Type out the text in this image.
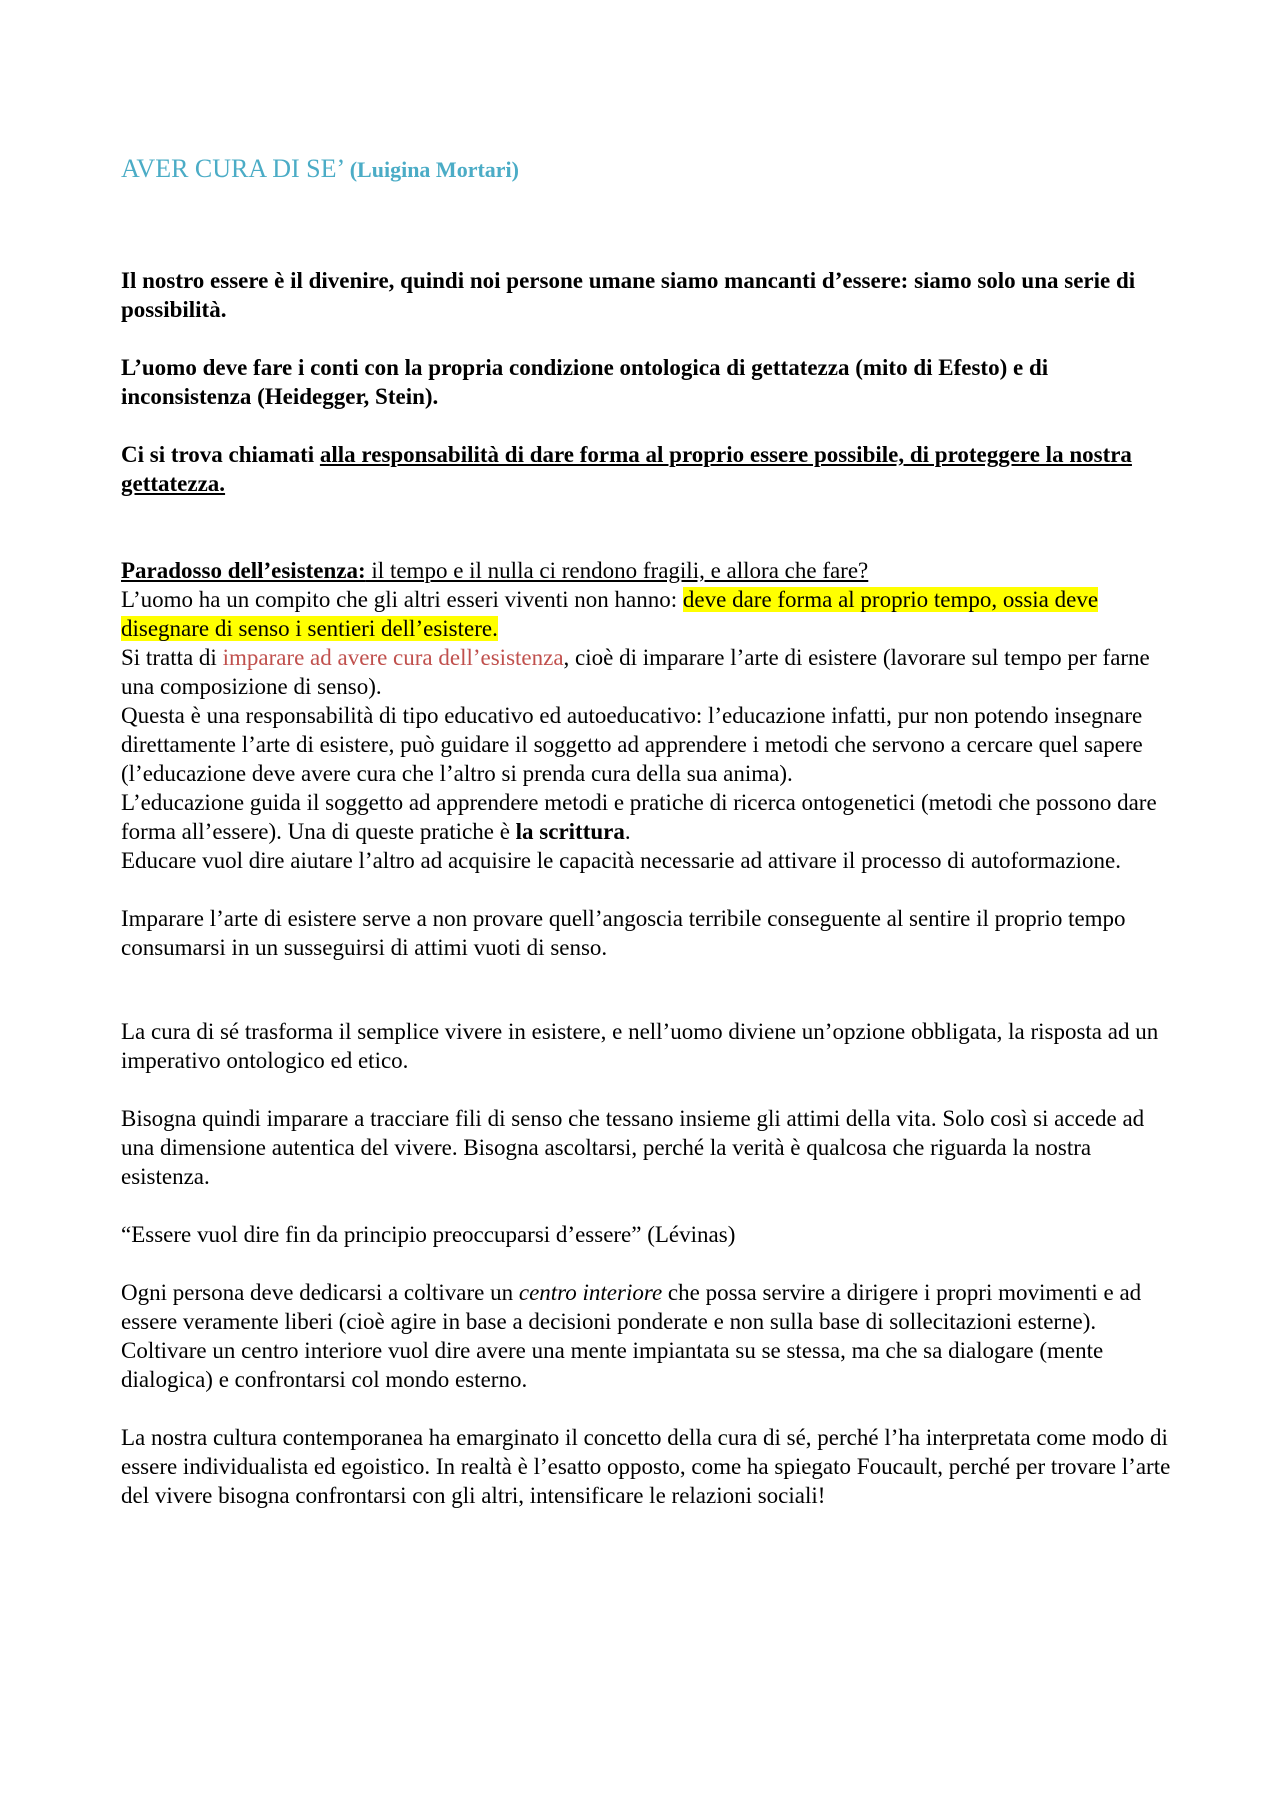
AVER CURA DI SE’ (Luigina Mortari)

Il nostro essere è il divenire, quindi noi persone umane siamo mancanti d’essere: siamo solo una serie di possibilità.

L’uomo deve fare i conti con la propria condizione ontologica di gettatezza (mito di Efesto) e di inconsistenza (Heidegger, Stein).

Ci si trova chiamati alla responsabilità di dare forma al proprio essere possibile, di proteggere la nostra gettatezza.

Paradosso dell’esistenza: il tempo e il nulla ci rendono fragili, e allora che fare?

L’uomo ha un compito che gli altri esseri viventi non hanno: deve dare forma al proprio tempo, ossia deve disegnare di senso i sentieri dell’esistere.

Si tratta di imparare ad avere cura dell’esistenza, cioè di imparare l’arte di esistere (lavorare sul tempo per farne una composizione di senso).

Questa è una responsabilità di tipo educativo ed autoeducativo: l’educazione infatti, pur non potendo insegnare direttamente l’arte di esistere, può guidare il soggetto ad apprendere i metodi che servono a cercare quel sapere (l’educazione deve avere cura che l’altro si prenda cura della sua anima).

L’educazione guida il soggetto ad apprendere metodi e pratiche di ricerca ontogenetici (metodi che possono dare forma all’essere). Una di queste pratiche è la scrittura.

Educare vuol dire aiutare l’altro ad acquisire le capacità necessarie ad attivare il processo di autoformazione.

Imparare l’arte di esistere serve a non provare quell’angoscia terribile conseguente al sentire il proprio tempo consumarsi in un susseguirsi di attimi vuoti di senso.

La cura di sé trasforma il semplice vivere in esistere, e nell’uomo diviene un’opzione obbligata, la risposta ad un imperativo ontologico ed etico.

Bisogna quindi imparare a tracciare fili di senso che tessano insieme gli attimi della vita. Solo così si accede ad una dimensione autentica del vivere. Bisogna ascoltarsi, perché la verità è qualcosa che riguarda la nostra esistenza.

“Essere vuol dire fin da principio preoccuparsi d’essere” (Lévinas)

Ogni persona deve dedicarsi a coltivare un centro interiore che possa servire a dirigere i propri movimenti e ad essere veramente liberi (cioè agire in base a decisioni ponderate e non sulla base di sollecitazioni esterne).

Coltivare un centro interiore vuol dire avere una mente impiantata su se stessa, ma che sa dialogare (mente dialogica) e confrontarsi col mondo esterno.

La nostra cultura contemporanea ha emarginato il concetto della cura di sé, perché l’ha interpretata come modo di essere individualista ed egoistico. In realtà è l’esatto opposto, come ha spiegato Foucault, perché per trovare l’arte del vivere bisogna confrontarsi con gli altri, intensificare le relazioni sociali!
